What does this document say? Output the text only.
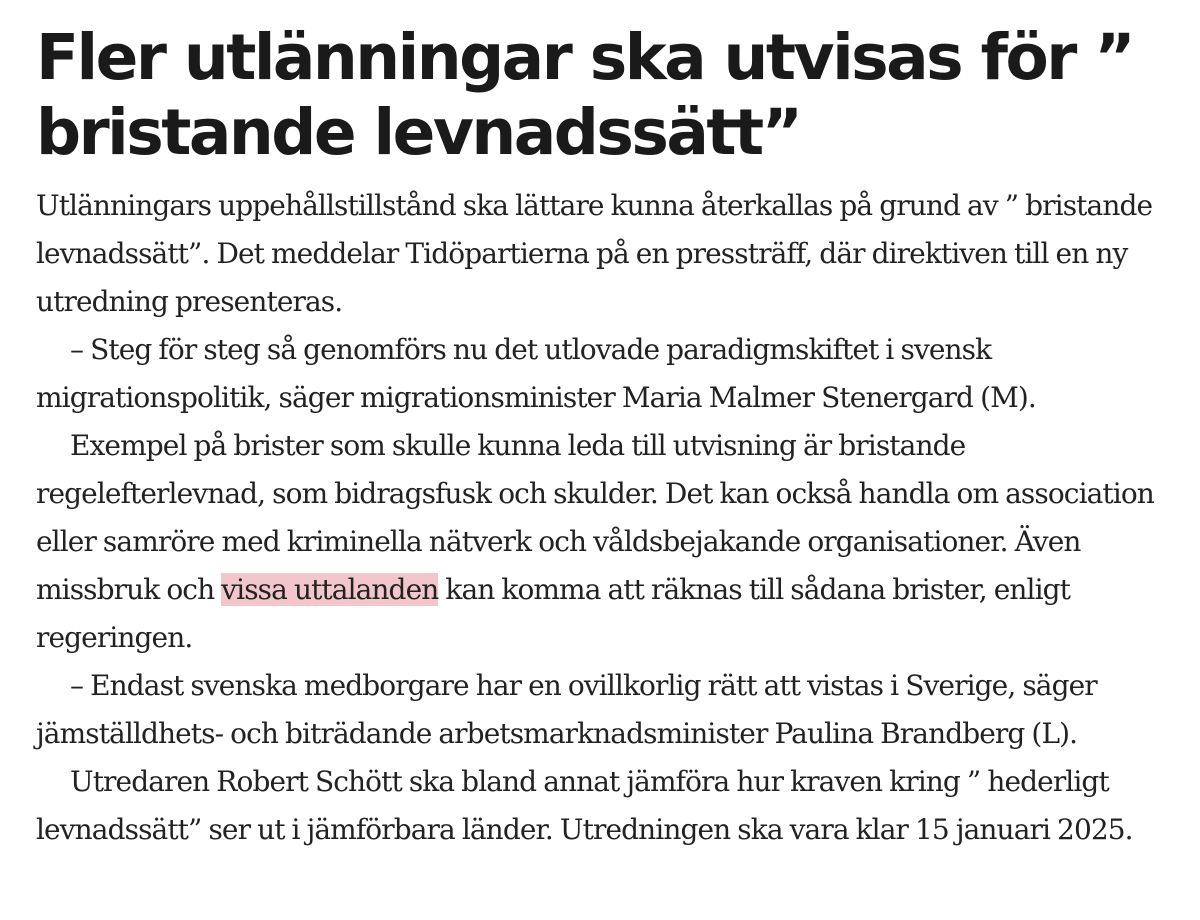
Fler utlänningar ska utvisas för ” bristande levnadssätt”

Utlänningars uppehållstillstånd ska lättare kunna återkallas på grund av ” bristande levnadssätt”. Det meddelar Tidöpartierna på en pressträff, där direktiven till en ny utredning presenteras.

– Steg för steg så genomförs nu det utlovade paradigmskiftet i svensk migrationspolitik, säger migrationsminister Maria Malmer Stenergard (M).

Exempel på brister som skulle kunna leda till utvisning är bristande regelefterlevnad, som bidragsfusk och skulder. Det kan också handla om association eller samröre med kriminella nätverk och våldsbejakande organisationer. Även missbruk och vissa uttalanden kan komma att räknas till sådana brister, enligt regeringen.

– Endast svenska medborgare har en ovillkorlig rätt att vistas i Sverige, säger jämställdhets- och biträdande arbetsmarknadsminister Paulina Brandberg (L).

Utredaren Robert Schött ska bland annat jämföra hur kraven kring ” hederligt levnadssätt” ser ut i jämförbara länder. Utredningen ska vara klar 15 januari 2025.
